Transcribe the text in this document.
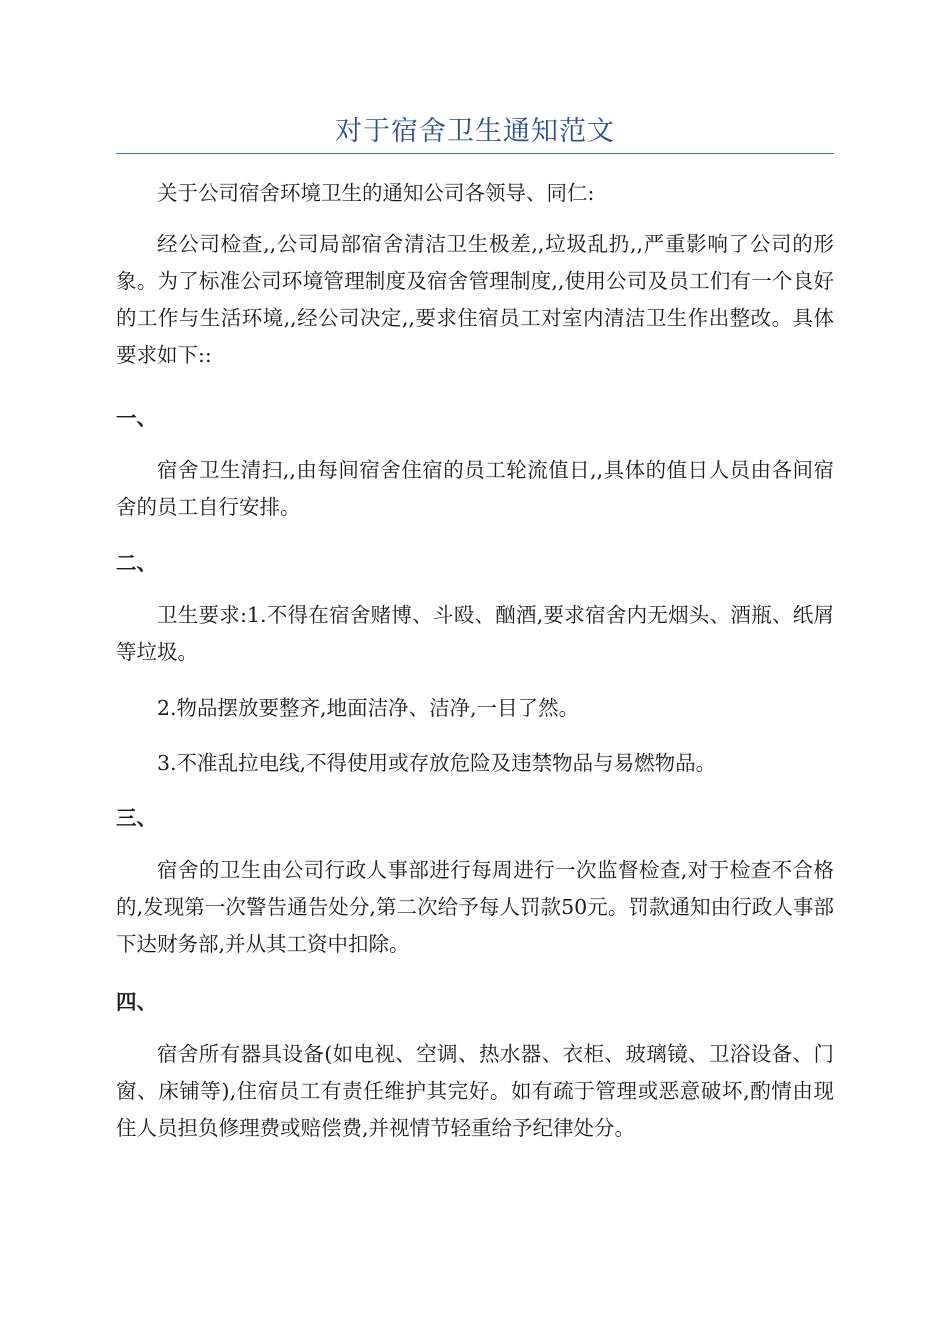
对于宿舍卫生通知范文

关于公司宿舍环境卫生的通知公司各领导、同仁:

经公司检查,,公司局部宿舍清洁卫生极差,,垃圾乱扔,,严重影响了公司的形象。为了标准公司环境管理制度及宿舍管理制度,,使用公司及员工们有一个良好的工作与生活环境,,经公司决定,,要求住宿员工对室内清洁卫生作出整改。具体要求如下::

一、

宿舍卫生清扫,,由每间宿舍住宿的员工轮流值日,,具体的值日人员由各间宿舍的员工自行安排。

二、

卫生要求:1.不得在宿舍赌博、斗殴、酗酒,要求宿舍内无烟头、酒瓶、纸屑等垃圾。

2.物品摆放要整齐,地面洁净、洁净,一目了然。

3.不准乱拉电线,不得使用或存放危险及违禁物品与易燃物品。

三、

宿舍的卫生由公司行政人事部进行每周进行一次监督检查,对于检查不合格的,发现第一次警告通告处分,第二次给予每人罚款50元。罚款通知由行政人事部下达财务部,并从其工资中扣除。

四、

宿舍所有器具设备(如电视、空调、热水器、衣柜、玻璃镜、卫浴设备、门窗、床铺等),住宿员工有责任维护其完好。如有疏于管理或恶意破坏,酌情由现住人员担负修理费或赔偿费,并视情节轻重给予纪律处分。
